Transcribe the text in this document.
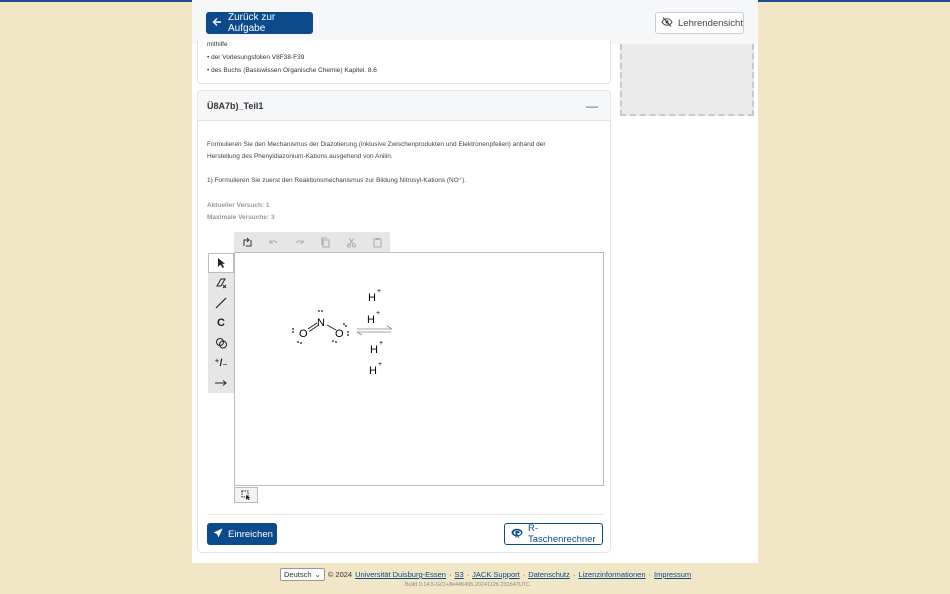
Zurück zur Aufgabe	Lehrendensicht
mithilfe
• der Vorlesungsfolien V8F38-F39
• des Buchs (Basiswissen Organische Chemie) Kapitel. 8.6
Ü8A7b)_Teil1	—
Formulieren Sie den Mechanismus der Diazotierung (inklusive Zwischenprodukten und Elektronenpfeilen) anhand der
Herstellung des Phenyldiazonium-Kations ausgehend von Anilin.
1) Formulieren Sie zuerst den Reaktionsmechanismus zur Bildung Nitrosyl-Kations (NO⁺).
Aktueller Versuch: 1
Maximale Versuche: 3
C
⁺/₋
O
N
O
H
+
H
+
H
+
H
+
Einreichen	R-Taschenrechner
Deutsch ⌄ © 2024 Universität Duisburg-Essen · S3 · JACK Support · Datenschutz · Lizenzinformationen · Impressum
Build 0.14.5-GCI+8e445495.20241126.231547UTC
